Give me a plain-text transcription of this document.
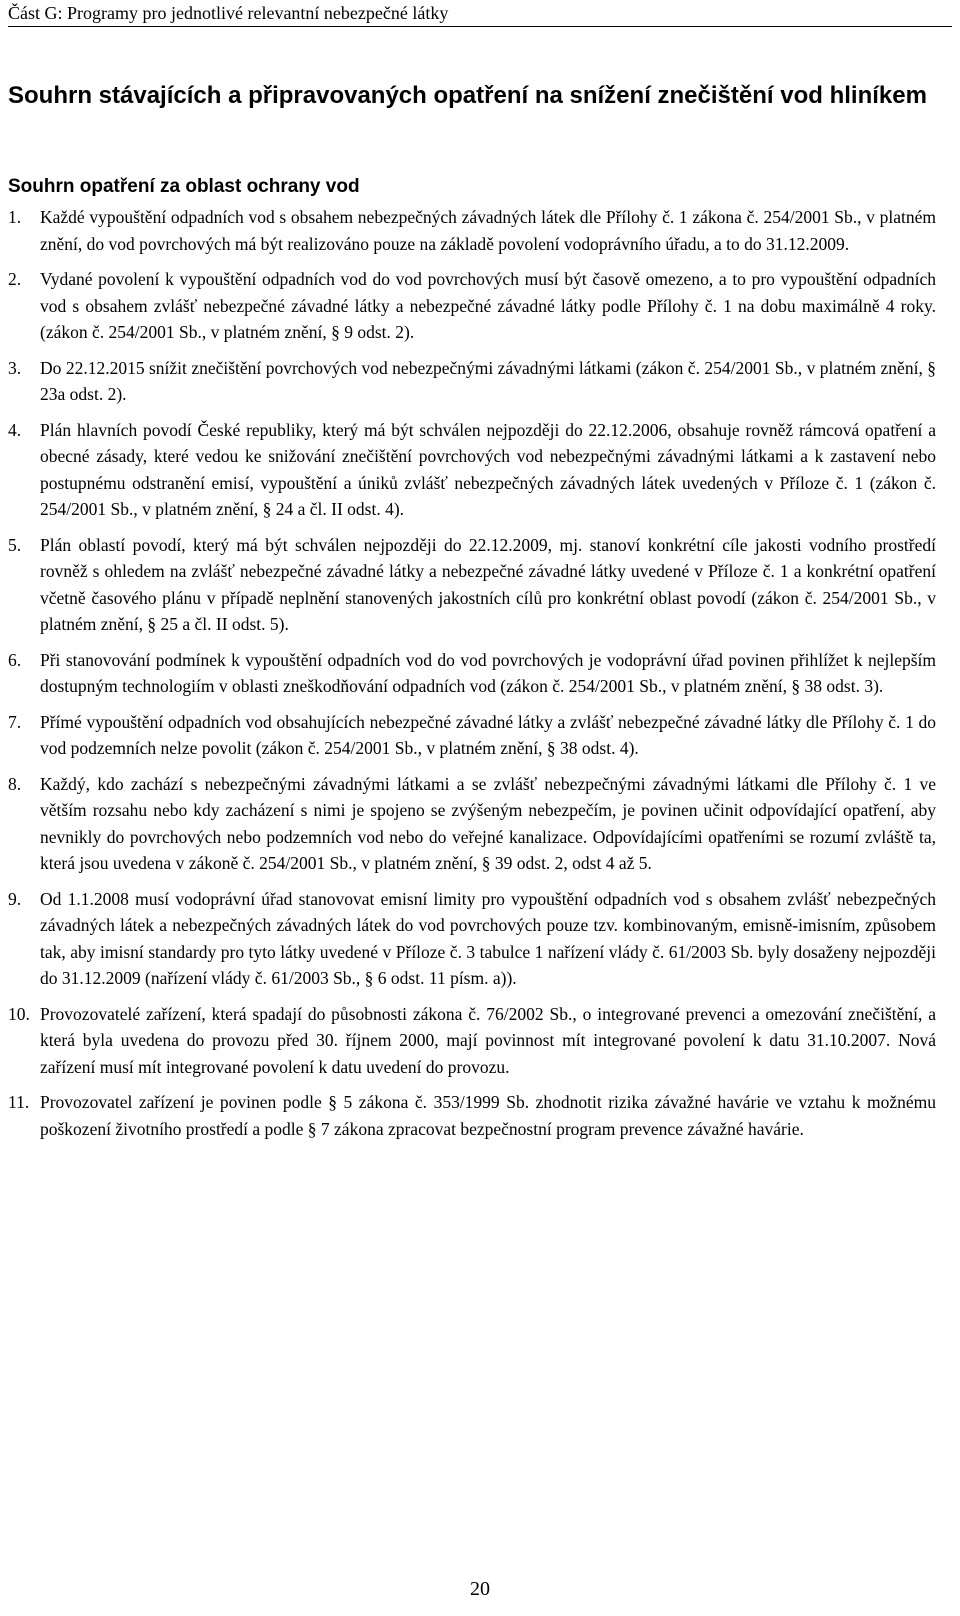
Část G: Programy pro jednotlivé relevantní nebezpečné látky
Souhrn stávajících a připravovaných opatření na snížení znečištění vod hliníkem
Souhrn opatření za oblast ochrany vod
1. Každé vypouštění odpadních vod s obsahem nebezpečných závadných látek dle Přílohy č. 1 zákona č. 254/2001 Sb., v platném znění, do vod povrchových má být realizováno pouze na základě povolení vodoprávního úřadu, a to do 31.12.2009.
2. Vydané povolení k vypouštění odpadních vod do vod povrchových musí být časově omezeno, a to pro vypouštění odpadních vod s obsahem zvlášť nebezpečné závadné látky a nebezpečné závadné látky podle Přílohy č. 1 na dobu maximálně 4 roky. (zákon č. 254/2001 Sb., v platném znění, § 9 odst. 2).
3. Do 22.12.2015 snížit znečištění povrchových vod nebezpečnými závadnými látkami (zákon č. 254/2001 Sb., v platném znění, § 23a odst. 2).
4. Plán hlavních povodí České republiky, který má být schválen nejpozději do 22.12.2006, obsahuje rovněž rámcová opatření a obecné zásady, které vedou ke snižování znečištění povrchových vod nebezpečnými závadnými látkami a k zastavení nebo postupnému odstranění emisí, vypouštění a úniků zvlášť nebezpečných závadných látek uvedených v Příloze č. 1 (zákon č. 254/2001 Sb., v platném znění, § 24 a čl. II odst. 4).
5. Plán oblastí povodí, který má být schválen nejpozději do 22.12.2009, mj. stanoví konkrétní cíle jakosti vodního prostředí rovněž s ohledem na zvlášť nebezpečné závadné látky a nebezpečné závadné látky uvedené v Příloze č. 1 a konkrétní opatření včetně časového plánu v případě neplnění stanovených jakostních cílů pro konkrétní oblast povodí (zákon č. 254/2001 Sb., v platném znění, § 25 a čl. II odst. 5).
6. Při stanovování podmínek k vypouštění odpadních vod do vod povrchových je vodoprávní úřad povinen přihlížet k nejlepším dostupným technologiím v oblasti zneškodňování odpadních vod (zákon č. 254/2001 Sb., v platném znění, § 38 odst. 3).
7. Přímé vypouštění odpadních vod obsahujících nebezpečné závadné látky a zvlášť nebezpečné závadné látky dle Přílohy č. 1 do vod podzemních nelze povolit (zákon č. 254/2001 Sb., v platném znění, § 38 odst. 4).
8. Každý, kdo zachází s nebezpečnými závadnými látkami a se zvlášť nebezpečnými závadnými látkami dle Přílohy č. 1 ve větším rozsahu nebo kdy zacházení s nimi je spojeno se zvýšeným nebezpečím, je povinen učinit odpovídající opatření, aby nevnikly do povrchových nebo podzemních vod nebo do veřejné kanalizace. Odpovídajícími opatřeními se rozumí zvláště ta, která jsou uvedena v zákoně č. 254/2001 Sb., v platném znění, § 39 odst. 2, odst 4 až 5.
9. Od 1.1.2008 musí vodoprávní úřad stanovovat emisní limity pro vypouštění odpadních vod s obsahem zvlášť nebezpečných závadných látek a nebezpečných závadných látek do vod povrchových pouze tzv. kombinovaným, emisně-imisním, způsobem tak, aby imisní standardy pro tyto látky uvedené v Příloze č. 3 tabulce 1 nařízení vlády č. 61/2003 Sb. byly dosaženy nejpozději do 31.12.2009 (nařízení vlády č. 61/2003 Sb., § 6 odst. 11 písm. a)).
10. Provozovatelé zařízení, která spadají do působnosti zákona č. 76/2002 Sb., o integrované prevenci a omezování znečištění, a která byla uvedena do provozu před 30. říjnem 2000, mají povinnost mít integrované povolení k datu 31.10.2007. Nová zařízení musí mít integrované povolení k datu uvedení do provozu.
11. Provozovatel zařízení je povinen podle § 5 zákona č. 353/1999 Sb. zhodnotit rizika závažné havárie ve vztahu k možnému poškození životního prostředí a podle § 7 zákona zpracovat bezpečnostní program prevence závažné havárie.
20
